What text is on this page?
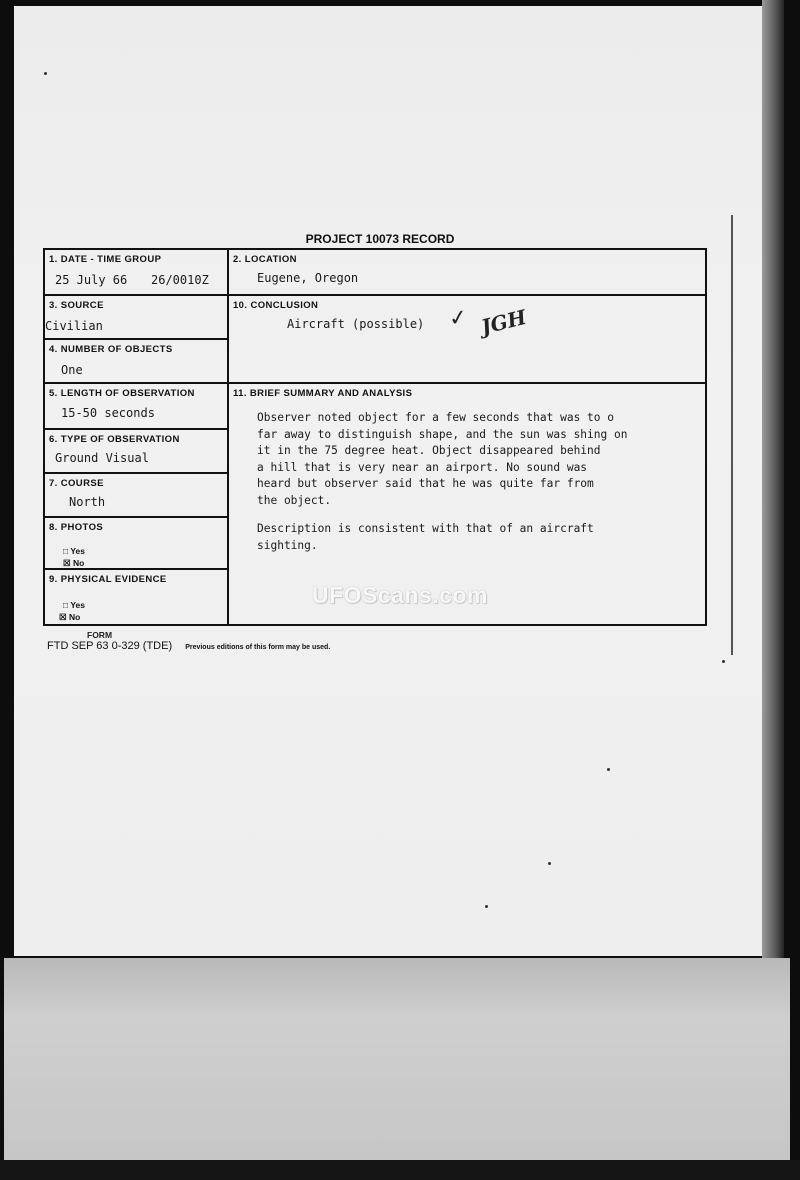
PROJECT 10073 RECORD
1. DATE - TIME GROUP
25 July 66 26/0010Z
2. LOCATION
Eugene, Oregon
3. SOURCE
Civilian
4. NUMBER OF OBJECTS
One
10. CONCLUSION
Aircraft (possible) ✓ JGH
5. LENGTH OF OBSERVATION
15-50 seconds
6. TYPE OF OBSERVATION
Ground Visual
7. COURSE
North
8. PHOTOS
□ Yes
☒ No
9. PHYSICAL EVIDENCE
□ Yes
☒ No
11. BRIEF SUMMARY AND ANALYSIS

Observer noted object for a few seconds that was to o
far away to distinguish shape, and the sun was shing on
it in the 75 degree heat. Object disappeared behind
a hill that is very near an airport. No sound was
heard but observer said that he was quite far from
the object.

Description is consistent with that of an aircraft
sighting.

UFOScans.com
FORM
FTD SEP 63 0-329 (TDE) Previous editions of this form may be used.
